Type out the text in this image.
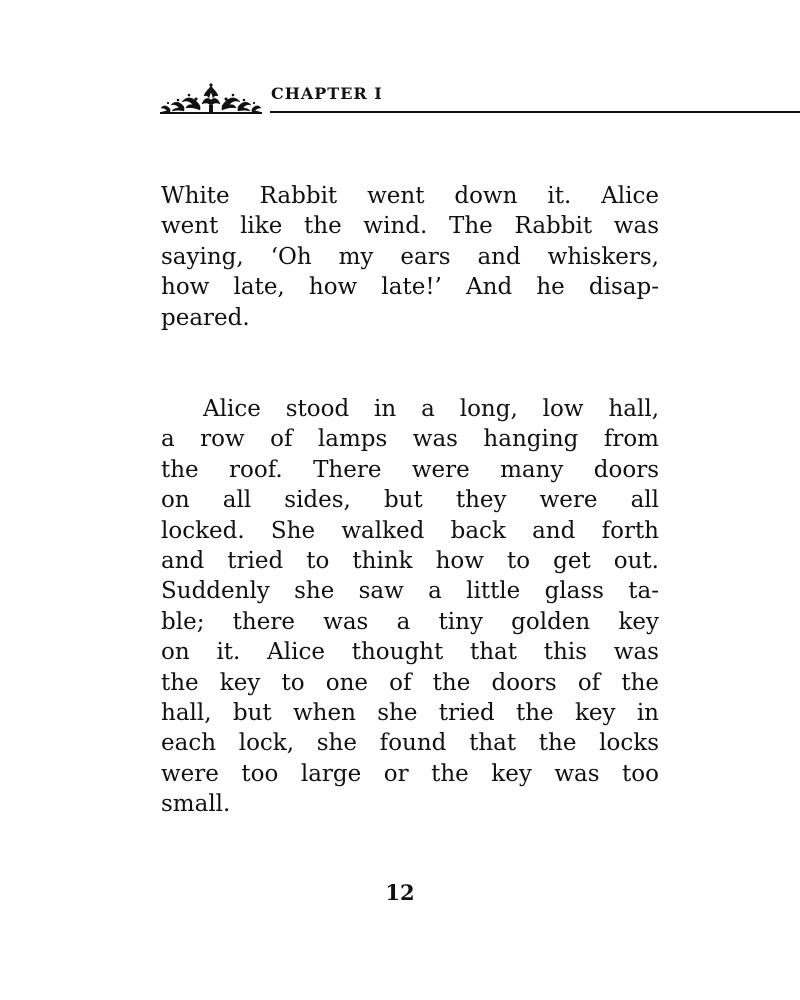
CHAPTER I

White Rabbit went down it. Alice
went like the wind. The Rabbit was
saying, ‘Oh my ears and whiskers,
how late, how late!’ And he disap-
peared.

Alice stood in a long, low hall,
a row of lamps was hanging from
the roof. There were many doors
on all sides, but they were all
locked. She walked back and forth
and tried to think how to get out.
Suddenly she saw a little glass ta-
ble; there was a tiny golden key
on it. Alice thought that this was
the key to one of the doors of the
hall, but when she tried the key in
each lock, she found that the locks
were too large or the key was too
small.

12
